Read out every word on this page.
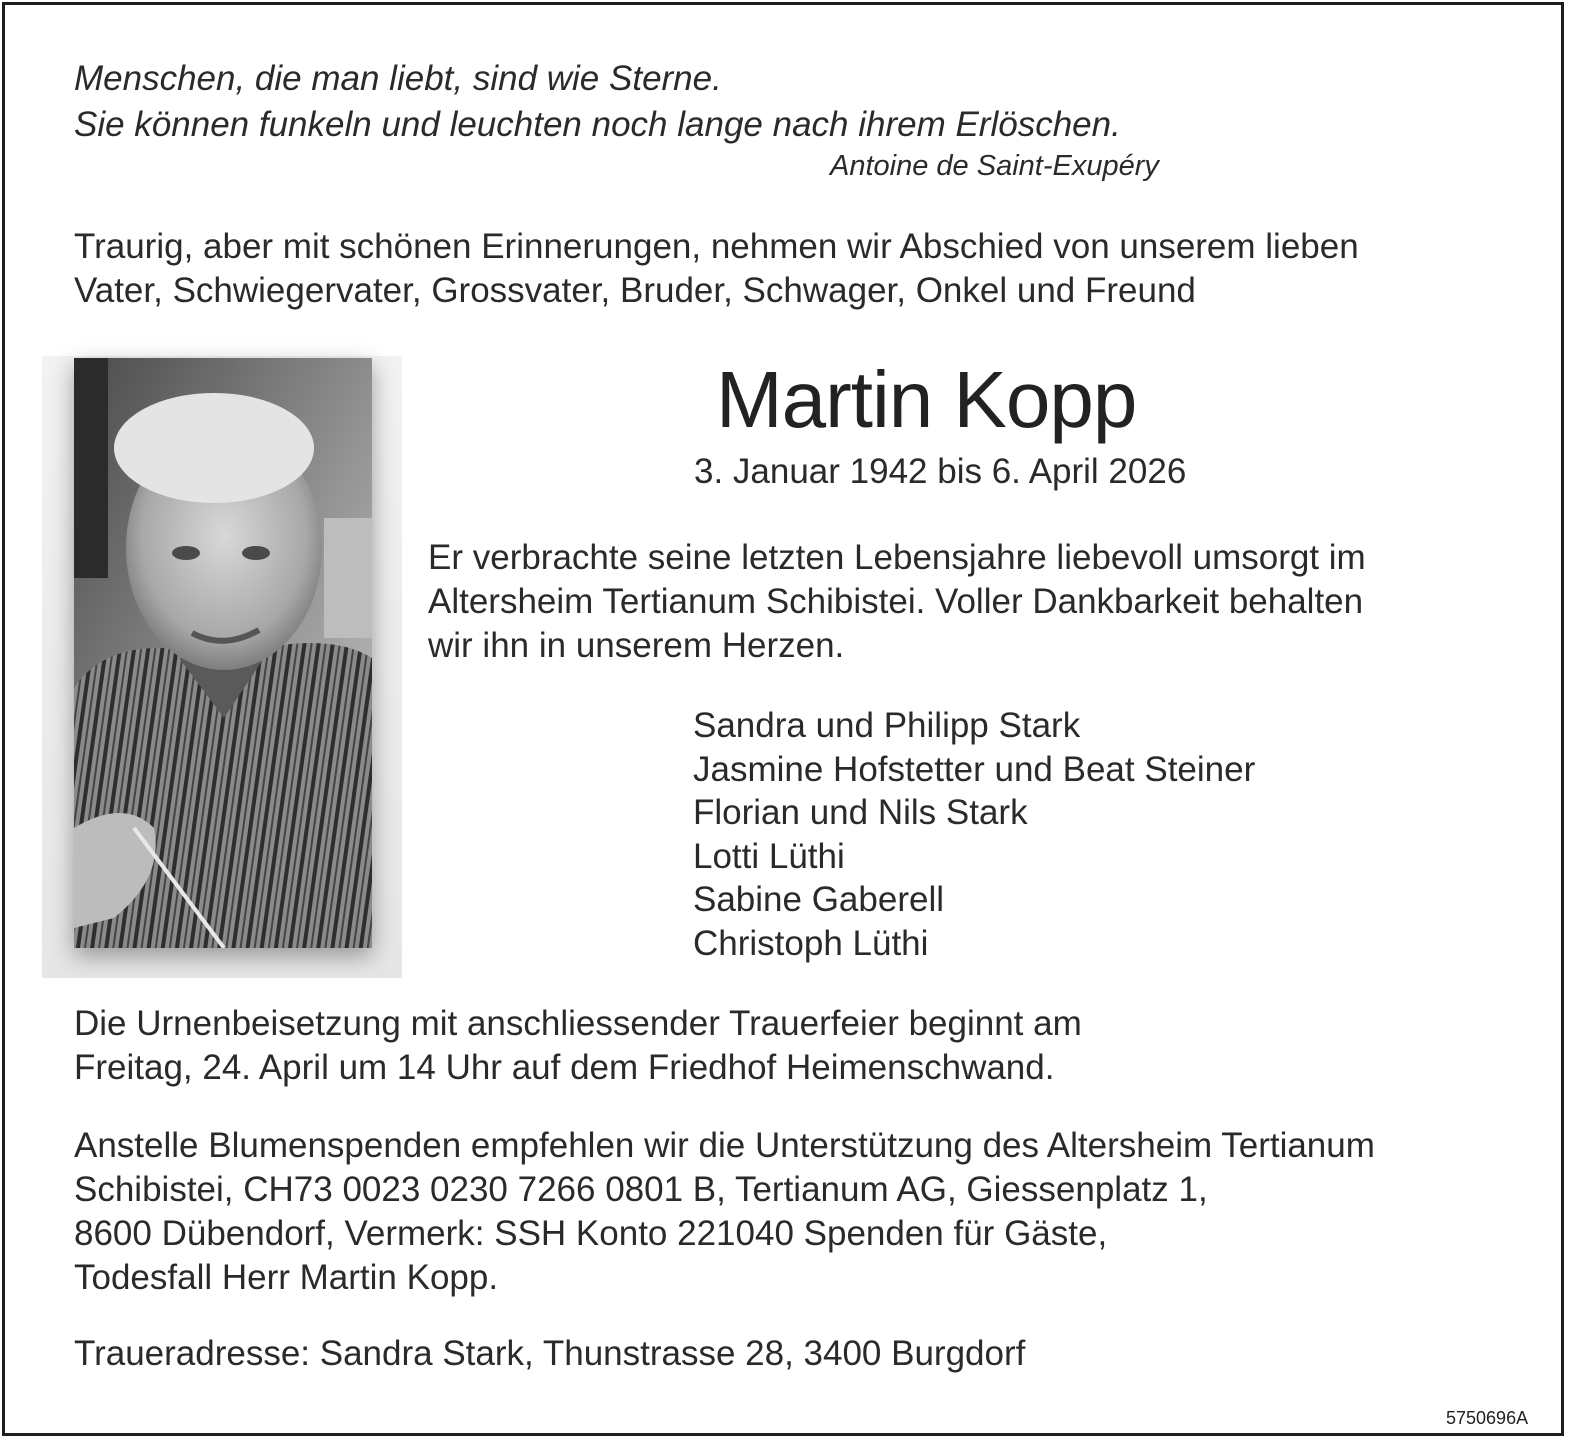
Menschen, die man liebt, sind wie Sterne.
Sie können funkeln und leuchten noch lange nach ihrem Erlöschen.
Antoine de Saint-Exupéry
Traurig, aber mit schönen Erinnerungen, nehmen wir Abschied von unserem lieben
Vater, Schwiegervater, Grossvater, Bruder, Schwager, Onkel und Freund
Martin Kopp
3. Januar 1942 bis 6. April 2026
Er verbrachte seine letzten Lebensjahre liebevoll umsorgt im
Altersheim Tertianum Schibistei. Voller Dankbarkeit behalten
wir ihn in unserem Herzen.
Sandra und Philipp Stark
Jasmine Hofstetter und Beat Steiner
Florian und Nils Stark
Lotti Lüthi
Sabine Gaberell
Christoph Lüthi
Die Urnenbeisetzung mit anschliessender Trauerfeier beginnt am
Freitag, 24. April um 14 Uhr auf dem Friedhof Heimenschwand.
Anstelle Blumenspenden empfehlen wir die Unterstützung des Altersheim Tertianum
Schibistei, CH73 0023 0230 7266 0801 B, Tertianum AG, Giessenplatz 1,
8600 Dübendorf, Vermerk: SSH Konto 221040 Spenden für Gäste,
Todesfall Herr Martin Kopp.
Traueradresse: Sandra Stark, Thunstrasse 28, 3400 Burgdorf
5750696A
